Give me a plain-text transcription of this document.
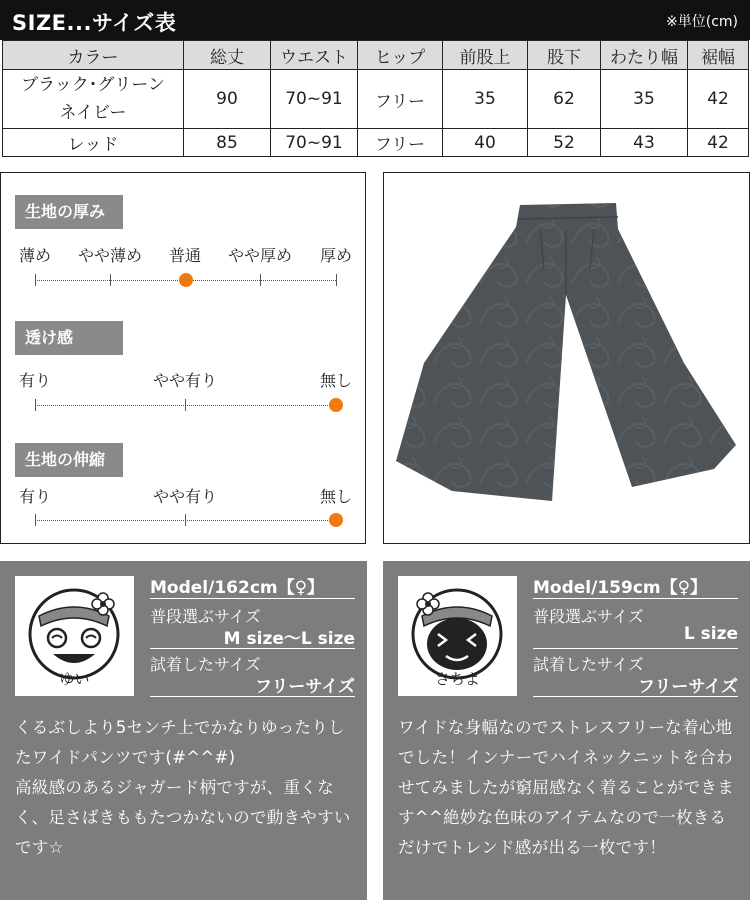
SIZE...サイズ表	※単位(cm)
カラー	総丈	ウエスト	ヒップ	前股上	股下	わたり幅	裾幅

ブラック･グリーン
ネイビー	90	70~91	フリー	35	62	35	42
レッド	85	70~91	フリー	40	52	43	42
生地の厚み
薄め やや薄め 普通 やや厚め 厚め
透け感
有り	やや有り	無し
生地の伸縮
有り	やや有り	無し
ゆい
Model/162cm【♀】
普段選ぶサイズ
M size～L size
試着したサイズ
フリーサイズ

くるぶしより5センチ上でかなりゆったりしたワイドパンツです(#^^#)

高級感のあるジャガード柄ですが、重くなく、足さばきももたつかないので動きやすいです☆

さちよ
Model/159cm【♀】
普段選ぶサイズ
L size
試着したサイズ
フリーサイズ

ワイドな身幅なのでストレスフリーな着心地でした！インナーでハイネックニットを合わせてみましたが窮屈感なく着ることができます^^絶妙な色味のアイテムなので一枚きるだけでトレンド感が出る一枚です！
